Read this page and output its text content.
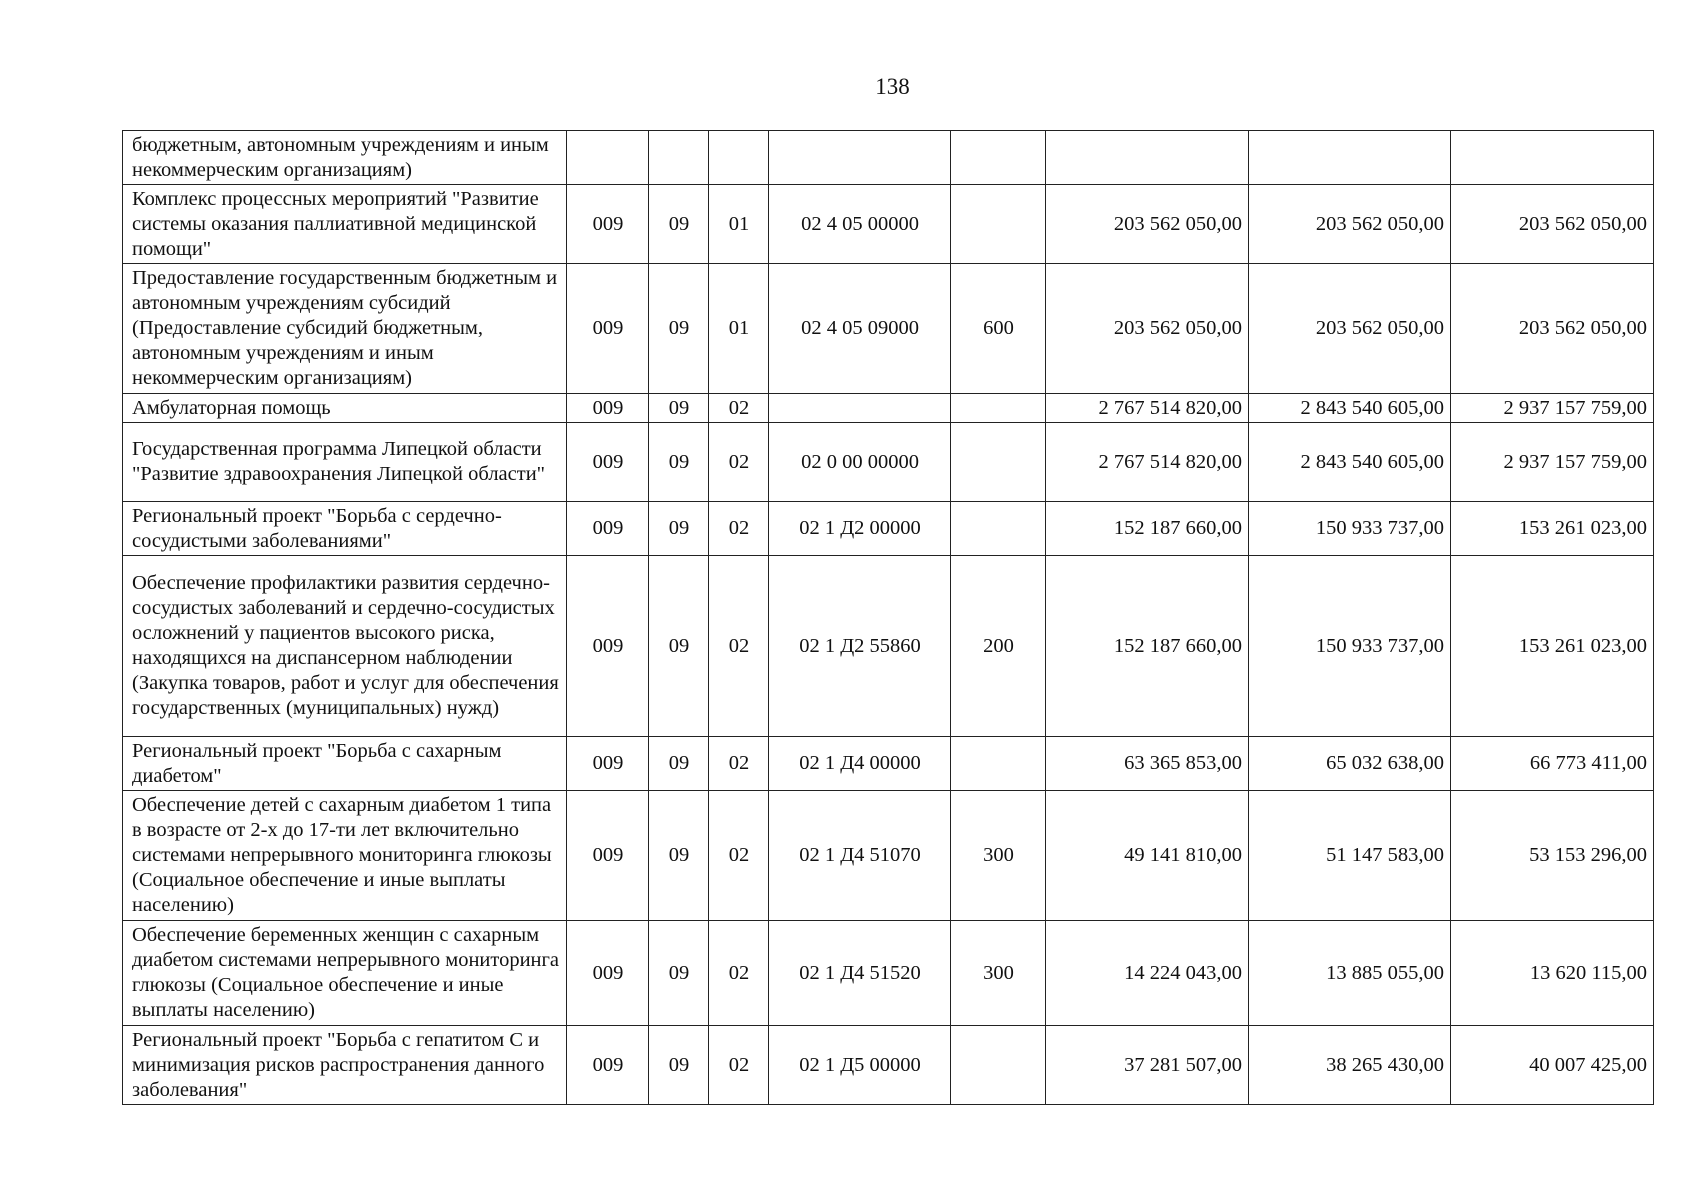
138
бюджетным, автономным учреждениям и иным некоммерческим организациям)								
Комплекс процессных мероприятий "Развитие системы оказания паллиативной медицинской помощи"	009	09	01	02 4 05 00000		203 562 050,00	203 562 050,00	203 562 050,00
Предоставление государственным бюджетным и автономным учреждениям субсидий (Предоставление субсидий бюджетным, автономным учреждениям и иным некоммерческим организациям)	009	09	01	02 4 05 09000	600	203 562 050,00	203 562 050,00	203 562 050,00
Амбулаторная помощь	009	09	02			2 767 514 820,00	2 843 540 605,00	2 937 157 759,00
Государственная программа Липецкой области "Развитие здравоохранения Липецкой области"	009	09	02	02 0 00 00000		2 767 514 820,00	2 843 540 605,00	2 937 157 759,00
Региональный проект "Борьба с сердечно-сосудистыми заболеваниями"	009	09	02	02 1 Д2 00000		152 187 660,00	150 933 737,00	153 261 023,00
Обеспечение профилактики развития сердечно-сосудистых заболеваний и сердечно-сосудистых осложнений у пациентов высокого риска, находящихся на диспансерном наблюдении (Закупка товаров, работ и услуг для обеспечения государственных (муниципальных) нужд)	009	09	02	02 1 Д2 55860	200	152 187 660,00	150 933 737,00	153 261 023,00
Региональный проект "Борьба с сахарным диабетом"	009	09	02	02 1 Д4 00000		63 365 853,00	65 032 638,00	66 773 411,00
Обеспечение детей с сахарным диабетом 1 типа в возрасте от 2-х до 17-ти лет включительно системами непрерывного мониторинга глюкозы (Социальное обеспечение и иные выплаты населению)	009	09	02	02 1 Д4 51070	300	49 141 810,00	51 147 583,00	53 153 296,00
Обеспечение беременных женщин с сахарным диабетом системами непрерывного мониторинга глюкозы (Социальное обеспечение и иные выплаты населению)	009	09	02	02 1 Д4 51520	300	14 224 043,00	13 885 055,00	13 620 115,00
Региональный проект "Борьба с гепатитом С и минимизация рисков распространения данного заболевания"	009	09	02	02 1 Д5 00000		37 281 507,00	38 265 430,00	40 007 425,00
